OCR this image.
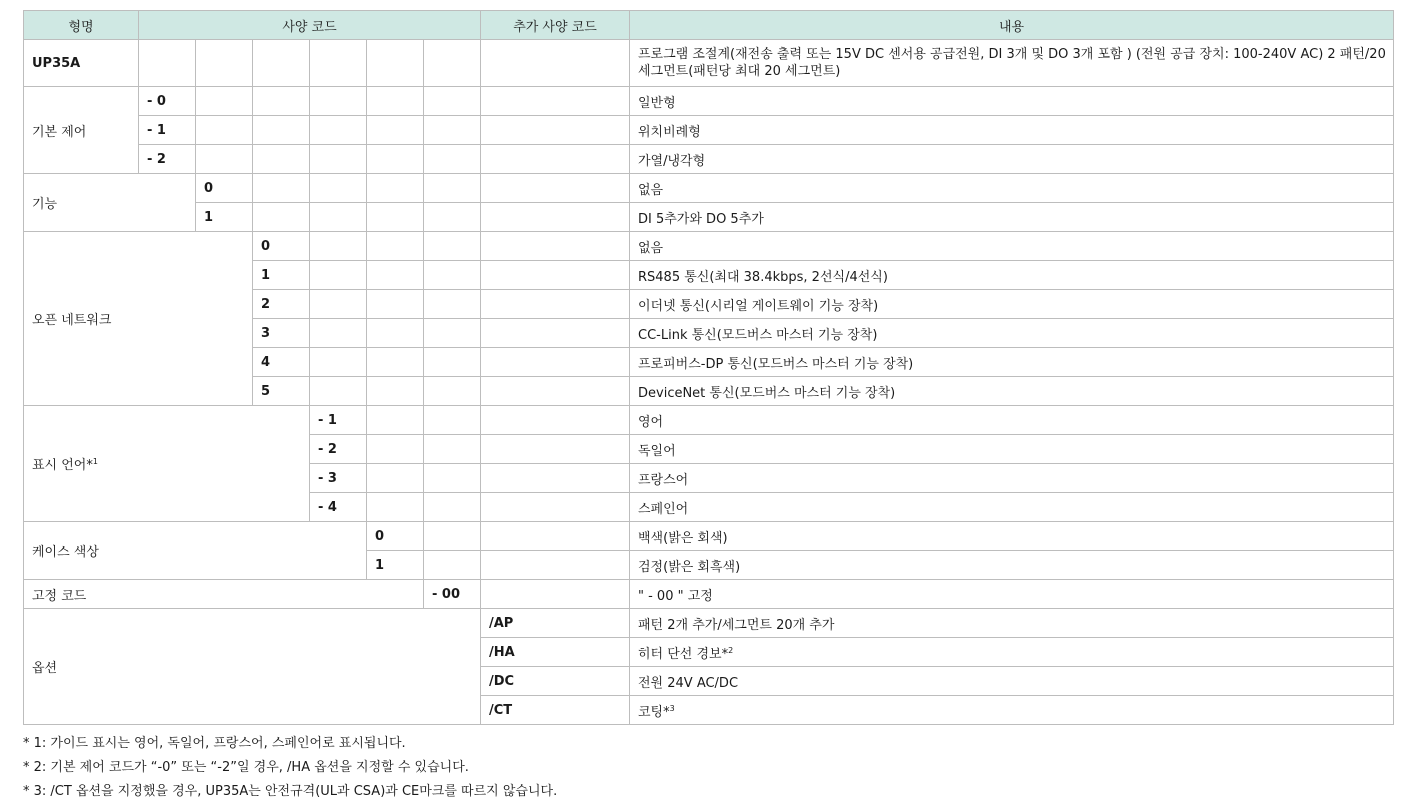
형명	사양 코드						추가 사양 코드	내용
UP35A								프로그램 조절계(재전송 출력 또는 15V DC 센서용 공급전원, DI 3개 및 DO 3개 포함 ) (전원 공급 장치: 100-240V AC) 2 패턴/20 세그먼트(패턴당 최대 20 세그먼트)
기본 제어	- 0							일반형
	- 1							위치비례형
	- 2							가열/냉각형
기능		0						없음
		1						DI 5추가와 DO 5추가
오픈 네트워크			0					없음
			1					RS485 통신(최대 38.4kbps, 2선식/4선식)
			2					이더넷 통신(시리얼 게이트웨이 기능 장착)
			3					CC-Link 통신(모드버스 마스터 기능 장착)
			4					프로피버스-DP 통신(모드버스 마스터 기능 장착)
			5					DeviceNet 통신(모드버스 마스터 기능 장착)
표시 언어*$^1$				- 1				영어
				- 2				독일어
				- 3				프랑스어
				- 4				스페인어
케이스 색상					0			백색(밝은 회색)
					1			검정(밝은 회흑색)
고정 코드						- 00		" - 00 " 고정
옵션							/AP	패턴 2개 추가/세그먼트 20개 추가
							/HA	히터 단선 경보*$^2$
							/DC	전원 24V AC/DC
							/CT	코팅*$^3$
* 1: 가이드 표시는 영어, 독일어, 프랑스어, 스페인어로 표시됩니다.
* 2: 기본 제어 코드가 “-0” 또는 “-2”일 경우, /HA 옵션을 지정할 수 있습니다.
* 3: /CT 옵션을 지정했을 경우, UP35A는 안전규격(UL과 CSA)과 CE마크를 따르지 않습니다.
